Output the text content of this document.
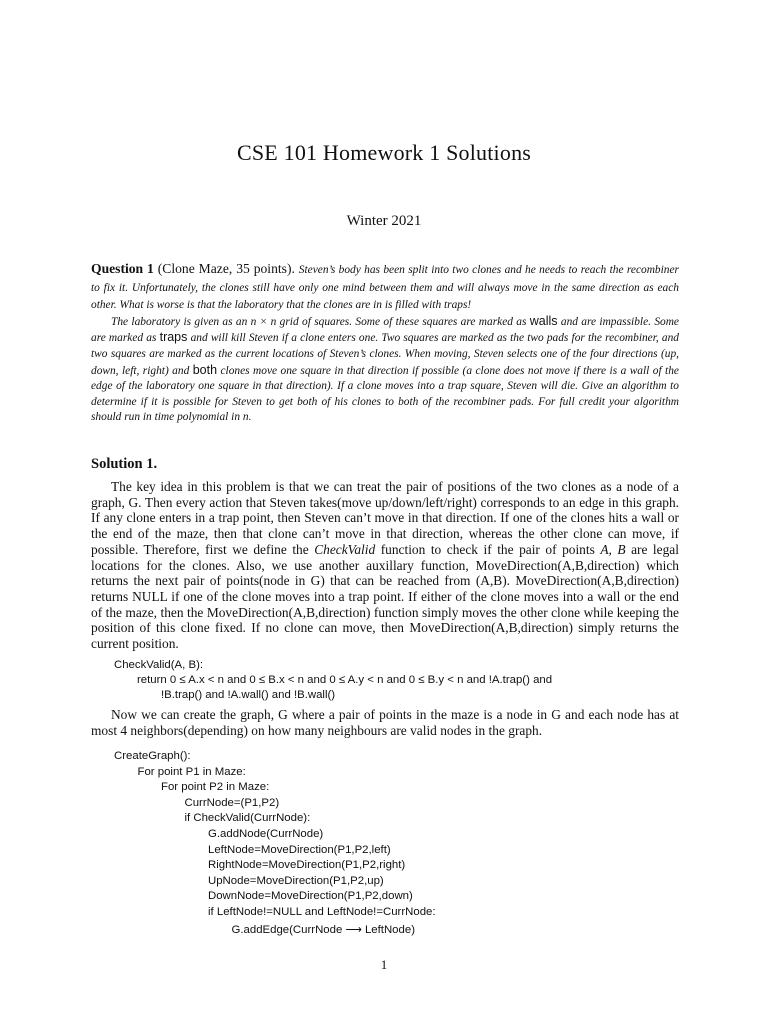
CSE 101 Homework 1 Solutions
Winter 2021

Question 1 (Clone Maze, 35 points). Steven’s body has been split into two clones and he needs to reach the recombiner to fix it. Unfortunately, the clones still have only one mind between them and will always move in the same direction as each other. What is worse is that the laboratory that the clones are in is filled with traps!

The laboratory is given as an n × n grid of squares. Some of these squares are marked as walls and are impassible. Some are marked as traps and will kill Steven if a clone enters one. Two squares are marked as the two pads for the recombiner, and two squares are marked as the current locations of Steven’s clones. When moving, Steven selects one of the four directions (up, down, left, right) and both clones move one square in that direction if possible (a clone does not move if there is a wall of the edge of the laboratory one square in that direction). If a clone moves into a trap square, Steven will die. Give an algorithm to determine if it is possible for Steven to get both of his clones to both of the recombiner pads. For full credit your algorithm should run in time polynomial in n.

Solution 1.

The key idea in this problem is that we can treat the pair of positions of the two clones as a node of a graph, G. Then every action that Steven takes(move up/down/left/right) corresponds to an edge in this graph. If any clone enters in a trap point, then Steven can’t move in that direction. If one of the clones hits a wall or the end of the maze, then that clone can’t move in that direction, whereas the other clone can move, if possible. Therefore, first we define the CheckValid function to check if the pair of points A, B are legal locations for the clones. Also, we use another auxillary function, MoveDirection(A,B,direction) which returns the next pair of points(node in G) that can be reached from (A,B). MoveDirection(A,B,direction) returns NULL if one of the clone moves into a trap point. If either of the clone moves into a wall or the end of the maze, then the MoveDirection(A,B,direction) function simply moves the other clone while keeping the position of this clone fixed. If no clone can move, then MoveDirection(A,B,direction) simply returns the current position.

CheckValid(A, B):
return 0 ≤ A.x < n and 0 ≤ B.x < n and 0 ≤ A.y < n and 0 ≤ B.y < n and !A.trap() and
!B.trap() and !A.wall() and !B.wall()

Now we can create the graph, G where a pair of points in the maze is a node in G and each node has at most 4 neighbors(depending) on how many neighbours are valid nodes in the graph.

CreateGraph():
For point P1 in Maze:
For point P2 in Maze:
CurrNode=(P1,P2)
if CheckValid(CurrNode):
G.addNode(CurrNode)
LeftNode=MoveDirection(P1,P2,left)
RightNode=MoveDirection(P1,P2,right)
UpNode=MoveDirection(P1,P2,up)
DownNode=MoveDirection(P1,P2,down)
if LeftNode!=NULL and LeftNode!=CurrNode:
G.addEdge(CurrNode ⟶ LeftNode)
1
